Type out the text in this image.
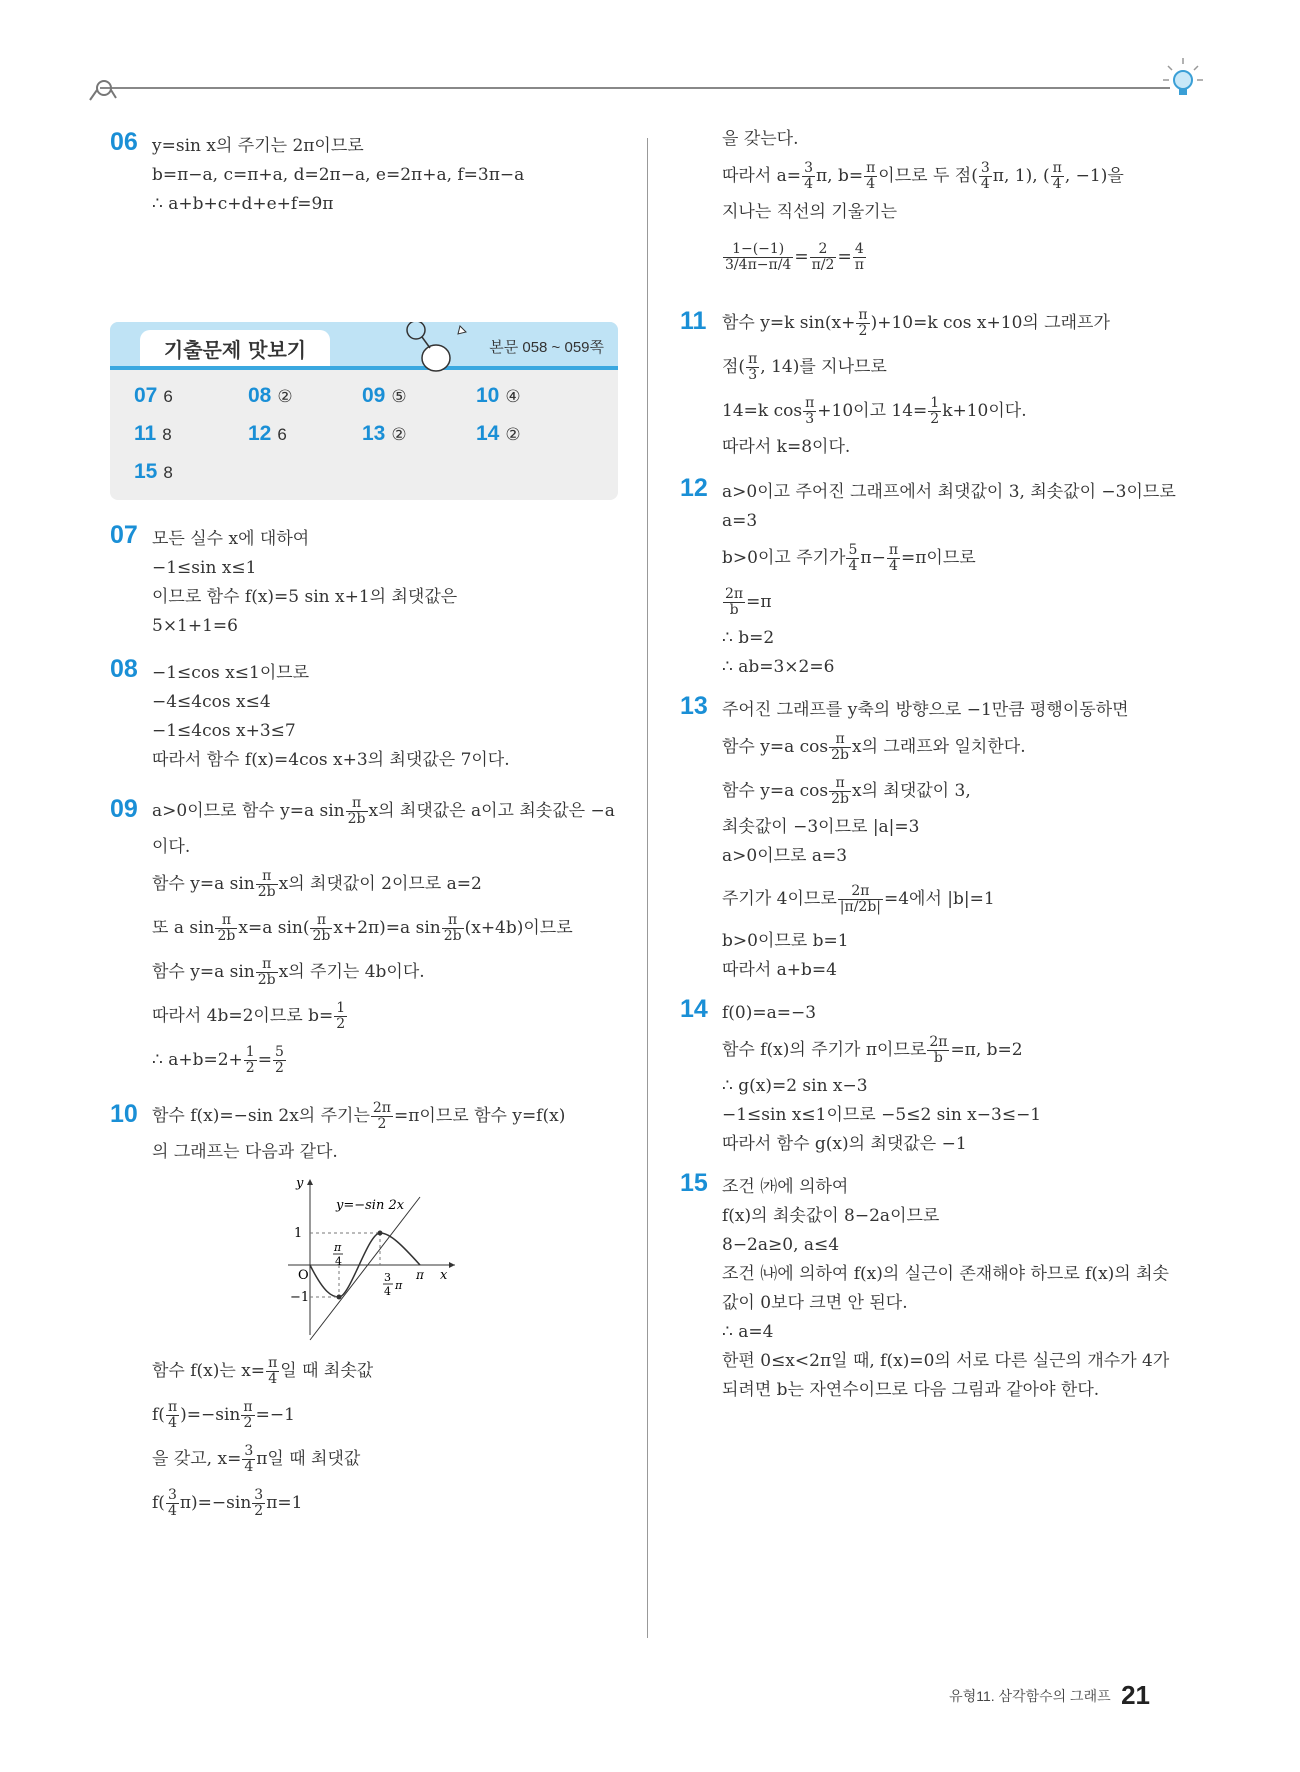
기출문제 맛보기	본문 058 ~ 059쪽
07 6	08 ②	09 ⑤	10 ④
11 8	12 6	13 ②	14 ②
15 8
06 y=sin x의 주기는 2π이므로
b=π−a, c=π+a, d=2π−a, e=2π+a, f=3π−a
∴ a+b+c+d+e+f=9π
07 모든 실수 x에 대하여
−1≤sin x≤1
이므로 함수 f(x)=5 sin x+1의 최댓값은
5×1+1=6
08 −1≤cos x≤1이므로
−4≤4cos x≤4
−1≤4cos x+3≤7
따라서 함수 f(x)=4cos x+3의 최댓값은 7이다.
09 a>0이므로 함수 y=a $\sin \frac{\pi}{2b}$ x의 최댓값은 a이고 최솟값은 −a
이다.
함수 y=a $\sin \frac{\pi}{2b}$ x의 최댓값이 2이므로 a=2
또 a $\sin \frac{\pi}{2b} x=a$ $\sin( \frac{\pi}{2b} x+2\pi)=a$ $\sin \frac{\pi}{2b} (x+4b)$이므로
함수 y=a $\sin \frac{\pi}{2b}$ x의 주기는 4b이다.
따라서 4b=2이므로 $b= \frac{1}{2}$
∴ $a+b=2+ \frac{1}{2} = \frac{5}{2}$
10 함수 f(x)=−sin 2x의 주기는 $\frac{2\pi}{2} =\pi$이므로 함수 y=f(x)
의 그래프는 다음과 같다.
y
y=−sin 2x
1
−1
O
π
4
3
4 π
π x
함수 f(x)는 $x= \frac{\pi}{4}$ 일 때 최솟값
$f( \frac{\pi}{4} )=-\sin \frac{\pi}{2} =-1$
을 갖고, $x= \frac{3}{4}$ π일 때 최댓값
$f( \frac{3}{4} \pi)=-\sin \frac{3}{2} \pi=1$
을 갖는다.
따라서 $a= \frac{3}{4} \pi$, $b= \frac{\pi}{4}$ 이므로 두 점( $\frac{3}{4} \pi$, 1), ( $\frac{\pi}{4}$ , −1)을
지나는 직선의 기울기는
$\frac{1-(-1)}{3/4\pi-\pi/4} = \frac{2}{\pi/2} = \frac{4}{\pi}$
11 함수 y=k $\sin(x+ \frac{\pi}{2} )+10=k$ cos x+10의 그래프가
점( $\frac{\pi}{3}$ , 14)를 지나므로
14=k $\cos \frac{\pi}{3} +10$이고 $14= \frac{1}{2} k+10$이다.
따라서 k=8이다.
12 a>0이고 주어진 그래프에서 최댓값이 3, 최솟값이 −3이므로
a=3
b>0이고 주기가 $\frac{5}{4} \pi- \frac{\pi}{4} =\pi$이므로
$\frac{2\pi}{b} =\pi$
∴ b=2
∴ ab=3×2=6
13 주어진 그래프를 y축의 방향으로 −1만큼 평행이동하면
함수 y=a $\cos \frac{\pi}{2b}$ x의 그래프와 일치한다.
함수 y=a $\cos \frac{\pi}{2b}$ x의 최댓값이 3,
최솟값이 −3이므로 |a|=3
a>0이므로 a=3
주기가 4이므로 $\frac{2\pi}{|\pi/2b|} =4$에서 |b|=1
b>0이므로 b=1
따라서 a+b=4
14 f(0)=a=−3
함수 f(x)의 주기가 π이므로 $\frac{2\pi}{b} =\pi$, b=2
∴ g(x)=2 sin x−3
−1≤sin x≤1이므로 −5≤2 sin x−3≤−1
따라서 함수 g(x)의 최댓값은 −1
15 조건 ㈎에 의하여
f(x)의 최솟값이 8−2a이므로
8−2a≥0, a≤4
조건 ㈏에 의하여 f(x)의 실근이 존재해야 하므로 f(x)의 최솟
값이 0보다 크면 안 된다.
∴ a=4
한편 0≤x<2π일 때, f(x)=0의 서로 다른 실근의 개수가 4가
되려면 b는 자연수이므로 다음 그림과 같아야 한다.
유형11. 삼각함수의 그래프 21
